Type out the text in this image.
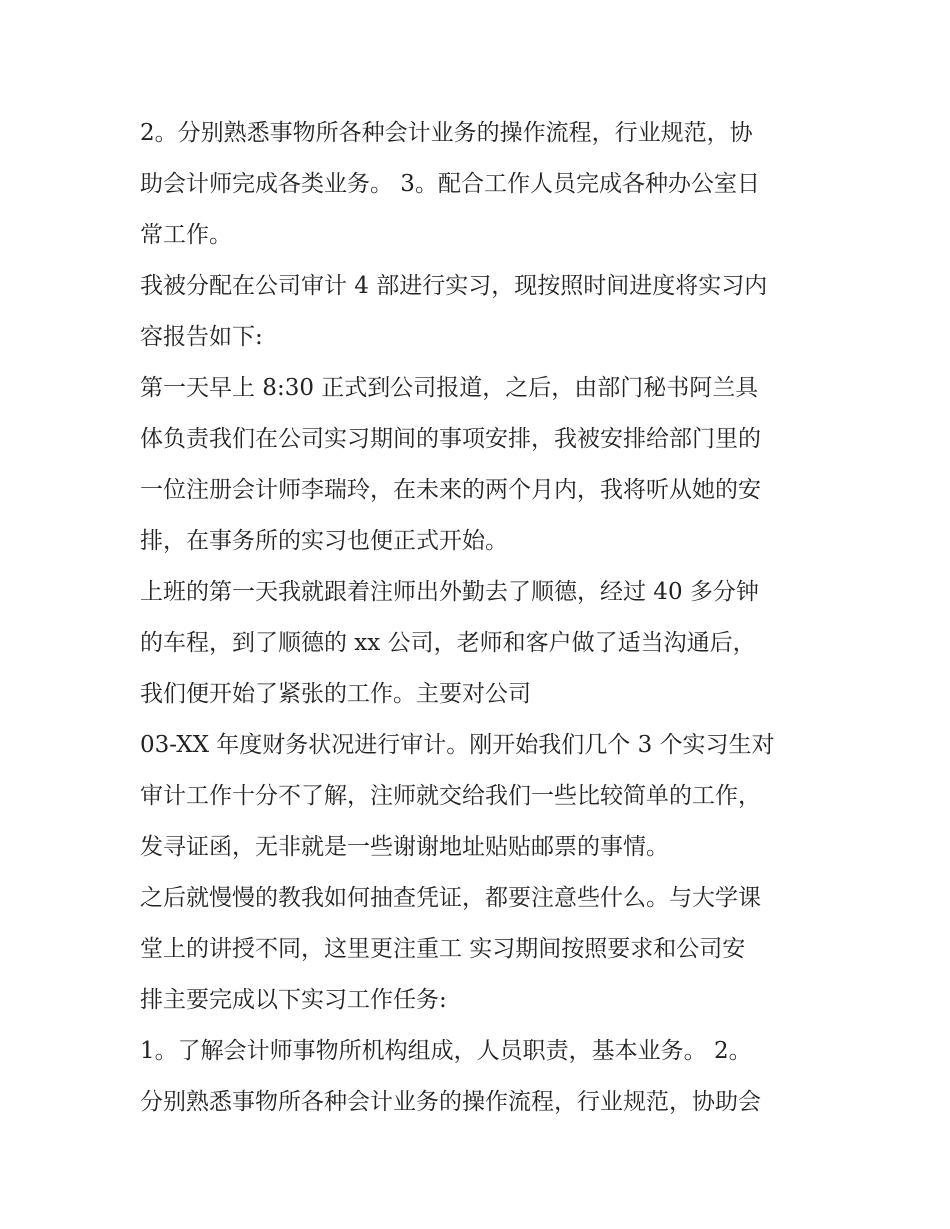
2。分别熟悉事物所各种会计业务的操作流程，行业规范，协
助会计师完成各类业务。 3。配合工作人员完成各种办公室日
常工作。
我被分配在公司审计 4 部进行实习，现按照时间进度将实习内
容报告如下:
第一天早上 8:30 正式到公司报道，之后，由部门秘书阿兰具
体负责我们在公司实习期间的事项安排，我被安排给部门里的
一位注册会计师李瑞玲，在未来的两个月内，我将听从她的安
排，在事务所的实习也便正式开始。
上班的第一天我就跟着注师出外勤去了顺德，经过 40 多分钟
的车程，到了顺德的 xx 公司，老师和客户做了适当沟通后，
我们便开始了紧张的工作。主要对公司
03-XX 年度财务状况进行审计。刚开始我们几个 3 个实习生对
审计工作十分不了解，注师就交给我们一些比较简单的工作，
发寻证函，无非就是一些谢谢地址贴贴邮票的事情。
之后就慢慢的教我如何抽查凭证，都要注意些什么。与大学课
堂上的讲授不同，这里更注重工 实习期间按照要求和公司安
排主要完成以下实习工作任务:
1。了解会计师事物所机构组成，人员职责，基本业务。 2。
分别熟悉事物所各种会计业务的操作流程，行业规范，协助会
